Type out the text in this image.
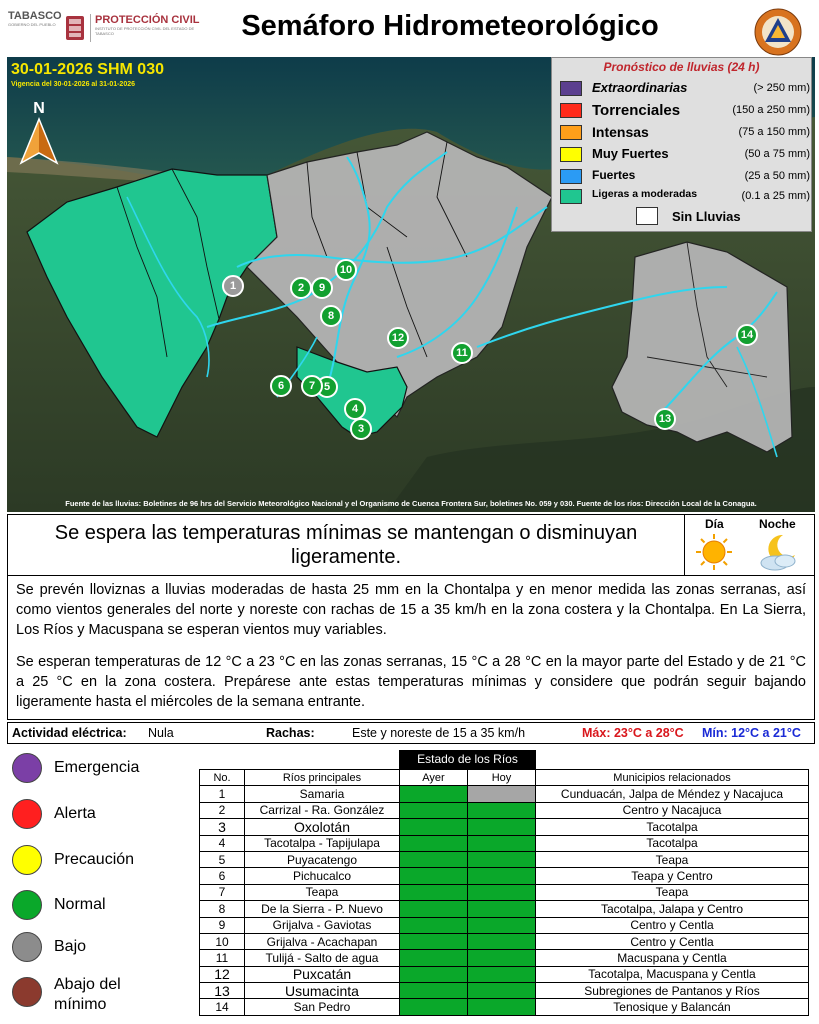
TABASCO
GOBIERNO DEL PUEBLO	PROTECCIÓN CIVIL
INSTITUTO DE PROTECCIÓN CIVIL DEL ESTADO DE TABASCO	Semáforo Hidrometeorológico
30-01-2026 SHM 030
Vigencia del 30-01-2026 al 31-01-2026
N
Pronóstico de lluvias (24 h)
Extraordinarias	(> 250 mm)
Torrenciales	(150 a 250 mm)
Intensas	(75 a 150 mm)
Muy Fuertes	(50 a 75 mm)
Fuertes	(25 a 50 mm)
Ligeras a moderadas	(0.1 a 25 mm)
Sin Lluvias
1	2
3
4
5
6	7
8
9
10
11
12
13
14
Fuente de las lluvias: Boletines de 96 hrs del Servicio Meteorológico Nacional y el Organismo de Cuenca Frontera Sur, boletines No. 059 y 030. Fuente de los ríos: Dirección Local de la Conagua.
Se espera las temperaturas mínimas se mantengan o disminuyan ligeramente.
Día	Noche

Se prevén lloviznas a lluvias moderadas de hasta 25 mm en la Chontalpa y en menor medida las zonas serranas, así como vientos generales del norte y noreste con rachas de 15 a 35 km/h en la zona costera y la Chontalpa. En La Sierra, Los Ríos y Macuspana se esperan vientos muy variables.

Se esperan temperaturas de 12 °C a 23 °C en las zonas serranas, 15 °C a 28 °C en la mayor parte del Estado y de 21 °C a 25 °C en la zona costera. Prepárese ante estas temperaturas mínimas y considere que podrán seguir bajando ligeramente hasta el miércoles de la semana entrante.

Actividad eléctrica: Nula	Rachas:	Este y noreste de 15 a 35 km/h	Máx: 23°C a 28°C Mín: 12°C a 21°C
Emergencia
Alerta
Precaución
Normal
Bajo
Abajo del mínimo
Estado de los Ríos
No.	Ríos principales	Ayer	Hoy	Municipios relacionados
1	Samaria			Cunduacán, Jalpa de Méndez y Nacajuca
2	Carrizal - Ra. González			Centro y Nacajuca
3	Oxolotán			Tacotalpa
4	Tacotalpa - Tapijulapa			Tacotalpa
5	Puyacatengo			Teapa
6	Pichucalco			Teapa y Centro
7	Teapa			Teapa
8	De la Sierra - P. Nuevo			Tacotalpa, Jalapa y Centro
9	Grijalva - Gaviotas			Centro y Centla
10	Grijalva - Acachapan			Centro y Centla
11	Tulijá - Salto de agua			Macuspana y Centla
12	Puxcatán			Tacotalpa, Macuspana y Centla
13	Usumacinta			Subregiones de Pantanos y Ríos
14	San Pedro			Tenosique y Balancán
